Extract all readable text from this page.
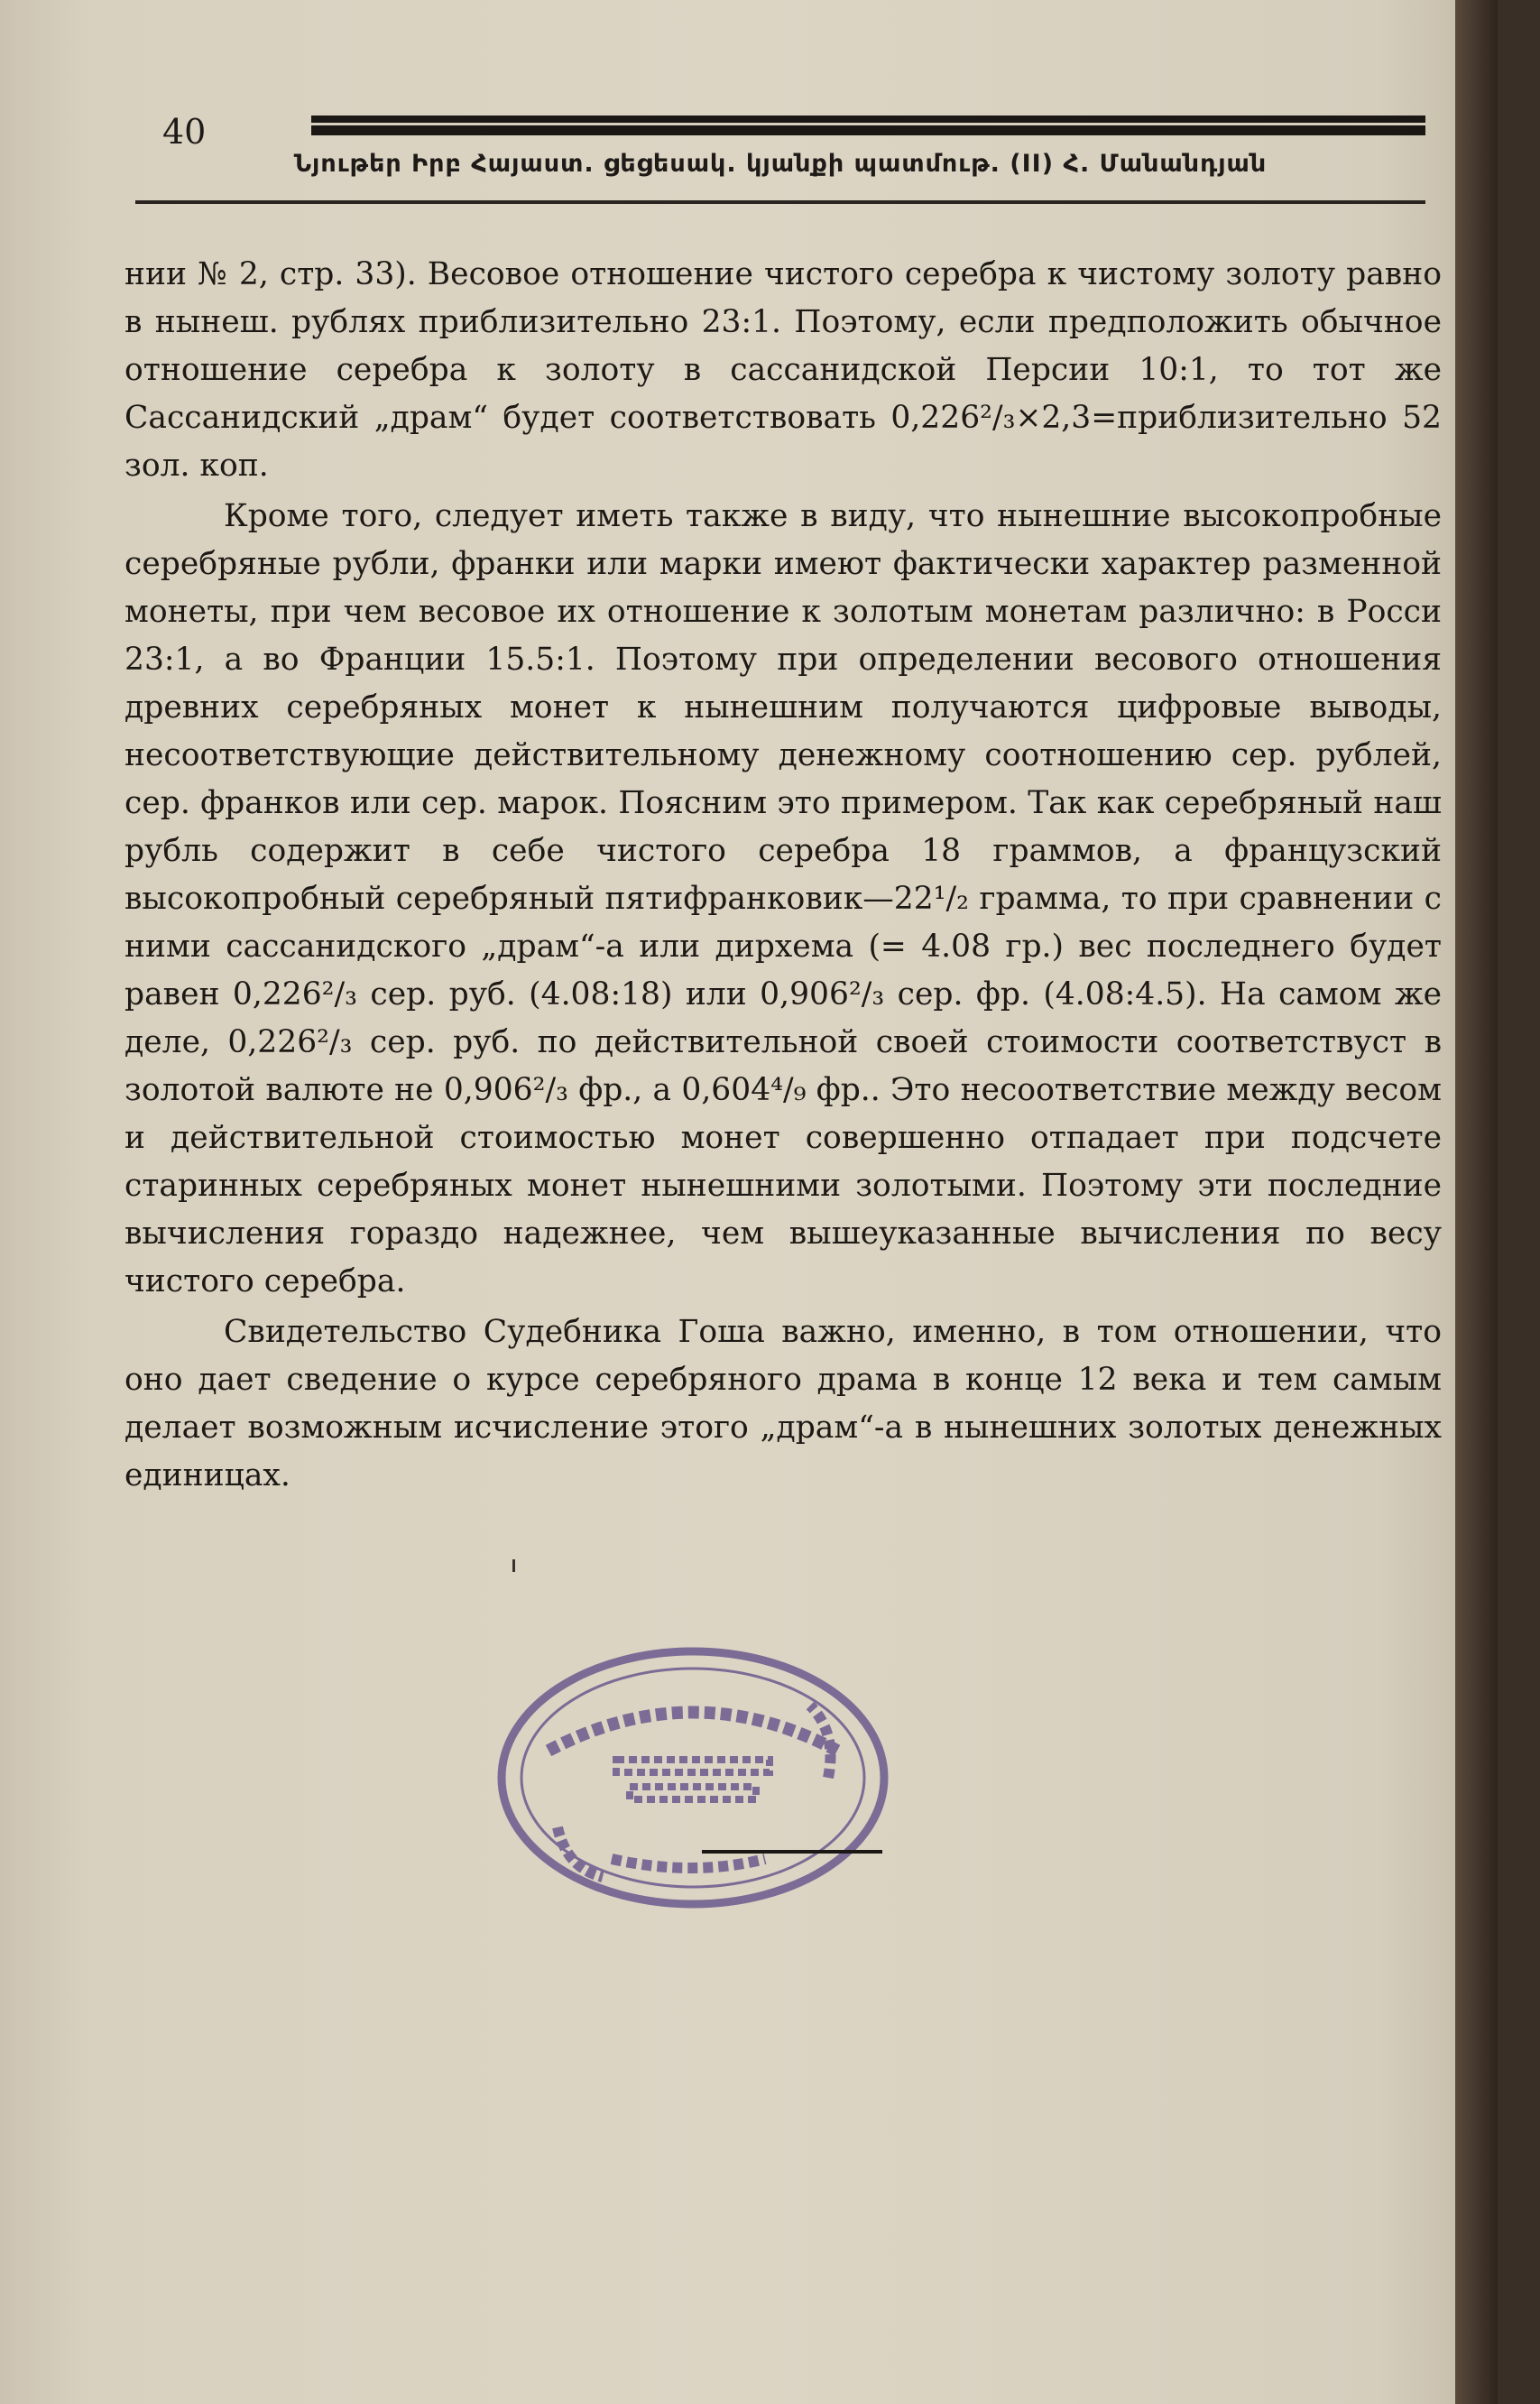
40
Նյութեր Իրբ Հայաստ. ցեցեսակ. կյանքի պատմութ. (II) Հ. Մանանդյան

нии № 2, стр. 33). Весовое отношение чистого серебра к чистому золоту равно в нынеш. рублях приблизительно 23:1. Поэтому, если предположить обычное отношение серебра к золоту в сассанидской Персии 10:1, то тот же Сассанидский „драм“ будет соответствовать 0,226²/₃×2,3=приблизительно 52 зол. коп.

Кроме того, следует иметь также в виду, что нынешние высокопробные серебряные рубли, франки или марки имеют фактически характер разменной монеты, при чем весовое их отношение к золотым монетам различно: в Росси 23:1, а во Франции 15.5:1. Поэтому при определении весового отношения древних серебряных монет к нынешним получаются цифровые выводы, несоответствующие действительному денежному соотношению сер. рублей, сер. франков или сер. марок. Поясним это примером. Так как серебряный наш рубль содержит в себе чистого серебра 18 граммов, а французский высокопробный серебряный пятифранковик—22¹/₂ грамма, то при сравнении с ними сассанидского „драм“-а или дирхема (= 4.08 гр.) вес последнего будет равен 0,226²/₃ сер. руб. (4.08:18) или 0,906²/₃ сер. фр. (4.08:4.5). На самом же деле, 0,226²/₃ сер. руб. по действительной своей стоимости соответствуст в золотой валюте не 0,906²/₃ фр., а 0,604⁴/₉ фр.. Это несоответствие между весом и действительной стоимостью монет совершенно отпадает при подсчете старинных серебряных монет нынешними золотыми. Поэтому эти последние вычисления гораздо надежнее, чем вышеуказанные вычисления по весу чистого серебра.

Свидетельство Судебника Гоша важно, именно, в том отношении, что оно дает сведение о курсе серебряного драма в конце 12 века и тем самым делает возможным исчисление этого „драм“-а в нынешних золотых денежных единицах.
